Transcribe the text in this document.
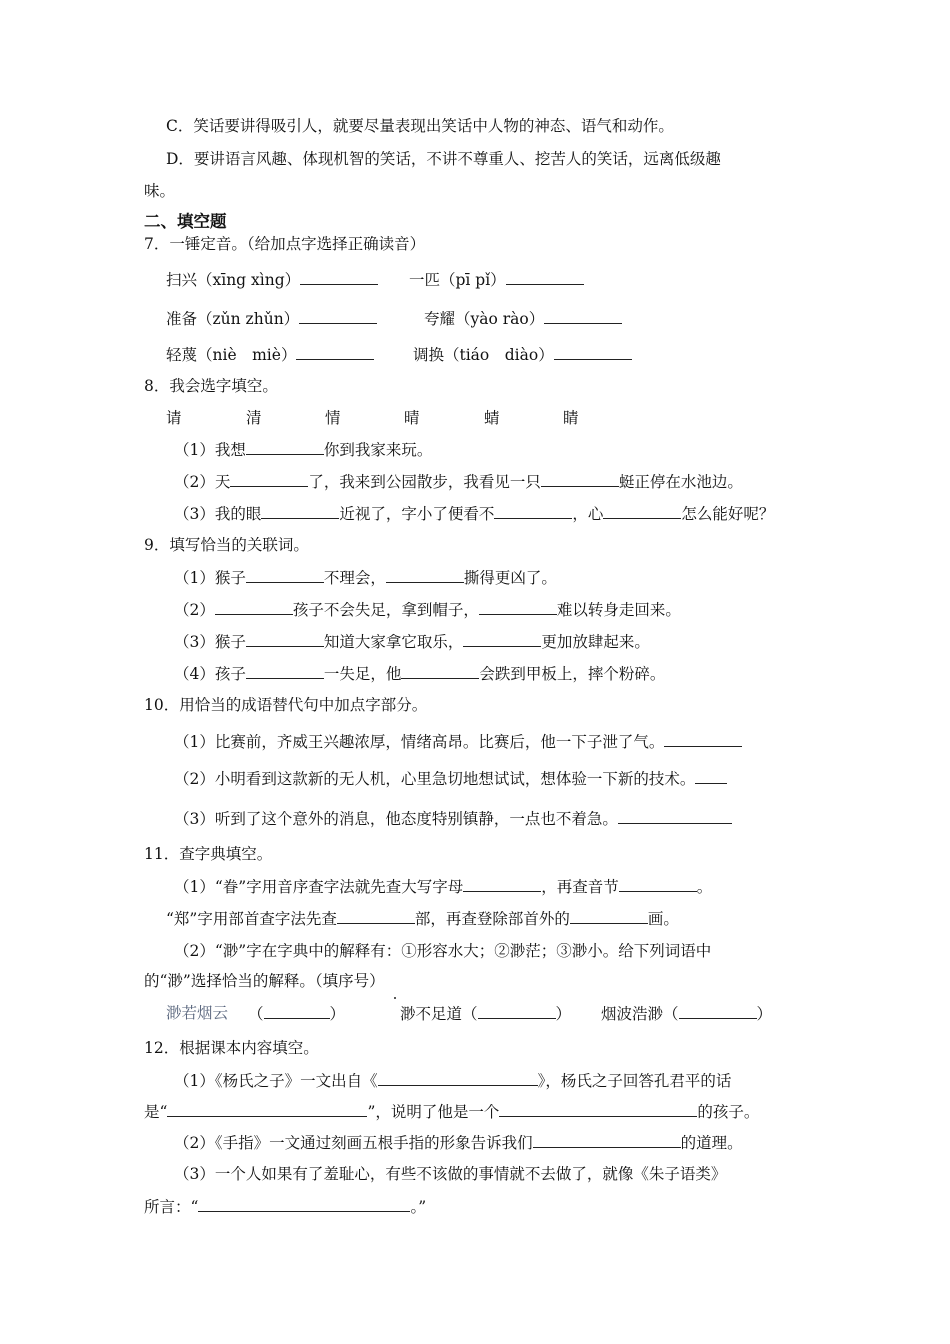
C．笑话要讲得吸引人，就要尽量表现出笑话中人物的神态、语气和动作。
D．要讲语言风趣、体现机智的笑话，不讲不尊重人、挖苦人的笑话，远离低级趣
味。
二、填空题
7．一锤定音。（给加点字选择正确读音）
扫兴（xīng xìng）	一匹（pī pǐ）
准备（zǔn zhǔn）	夸耀（yào rào）
轻蔑（niè　miè）	调换（tiáo　diào）
8．我会选字填空。
请	清	情	晴	蜻	睛
（1）我想	你到我家来玩。
（2）天	了，我来到公园散步，我看见一只	蜓正停在水池边。
（3）我的眼	近视了，字小了便看不	，心	怎么能好呢？
9．填写恰当的关联词。
（1）猴子	不理会，	撕得更凶了。
（2）	孩子不会失足，拿到帽子，	难以转身走回来。
（3）猴子	知道大家拿它取乐，	更加放肆起来。
（4）孩子	一失足，他	会跌到甲板上，摔个粉碎。
10．用恰当的成语替代句中加点字部分。
（1）比赛前，齐威王兴趣浓厚，情绪高昂。比赛后，他一下子泄了气。
（2）小明看到这款新的无人机，心里急切地想试试，想体验一下新的技术。
（3）听到了这个意外的消息，他态度特别镇静，一点也不着急。
11．查字典填空。
（1）“眷”字用音序查字法就先查大写字母	，再查音节	。
“郑”字用部首查字法先查	部，再查登除部首外的	画。
（2）“渺”字在字典中的解释有：①形容水大；②渺茫；③渺小。给下列词语中
的“渺”选择恰当的解释。（填序号）
渺若烟云 （	）	渺不足道（	） 烟波浩渺（	）
12．根据课本内容填空。
（1）《杨氏之子》一文出自《	》，杨氏之子回答孔君平的话
是“	”，说明了他是一个	的孩子。
（2）《手指》一文通过刻画五根手指的形象告诉我们	的道理。
（3）一个人如果有了羞耻心，有些不该做的事情就不去做了，就像《朱子语类》
所言：“	。”
